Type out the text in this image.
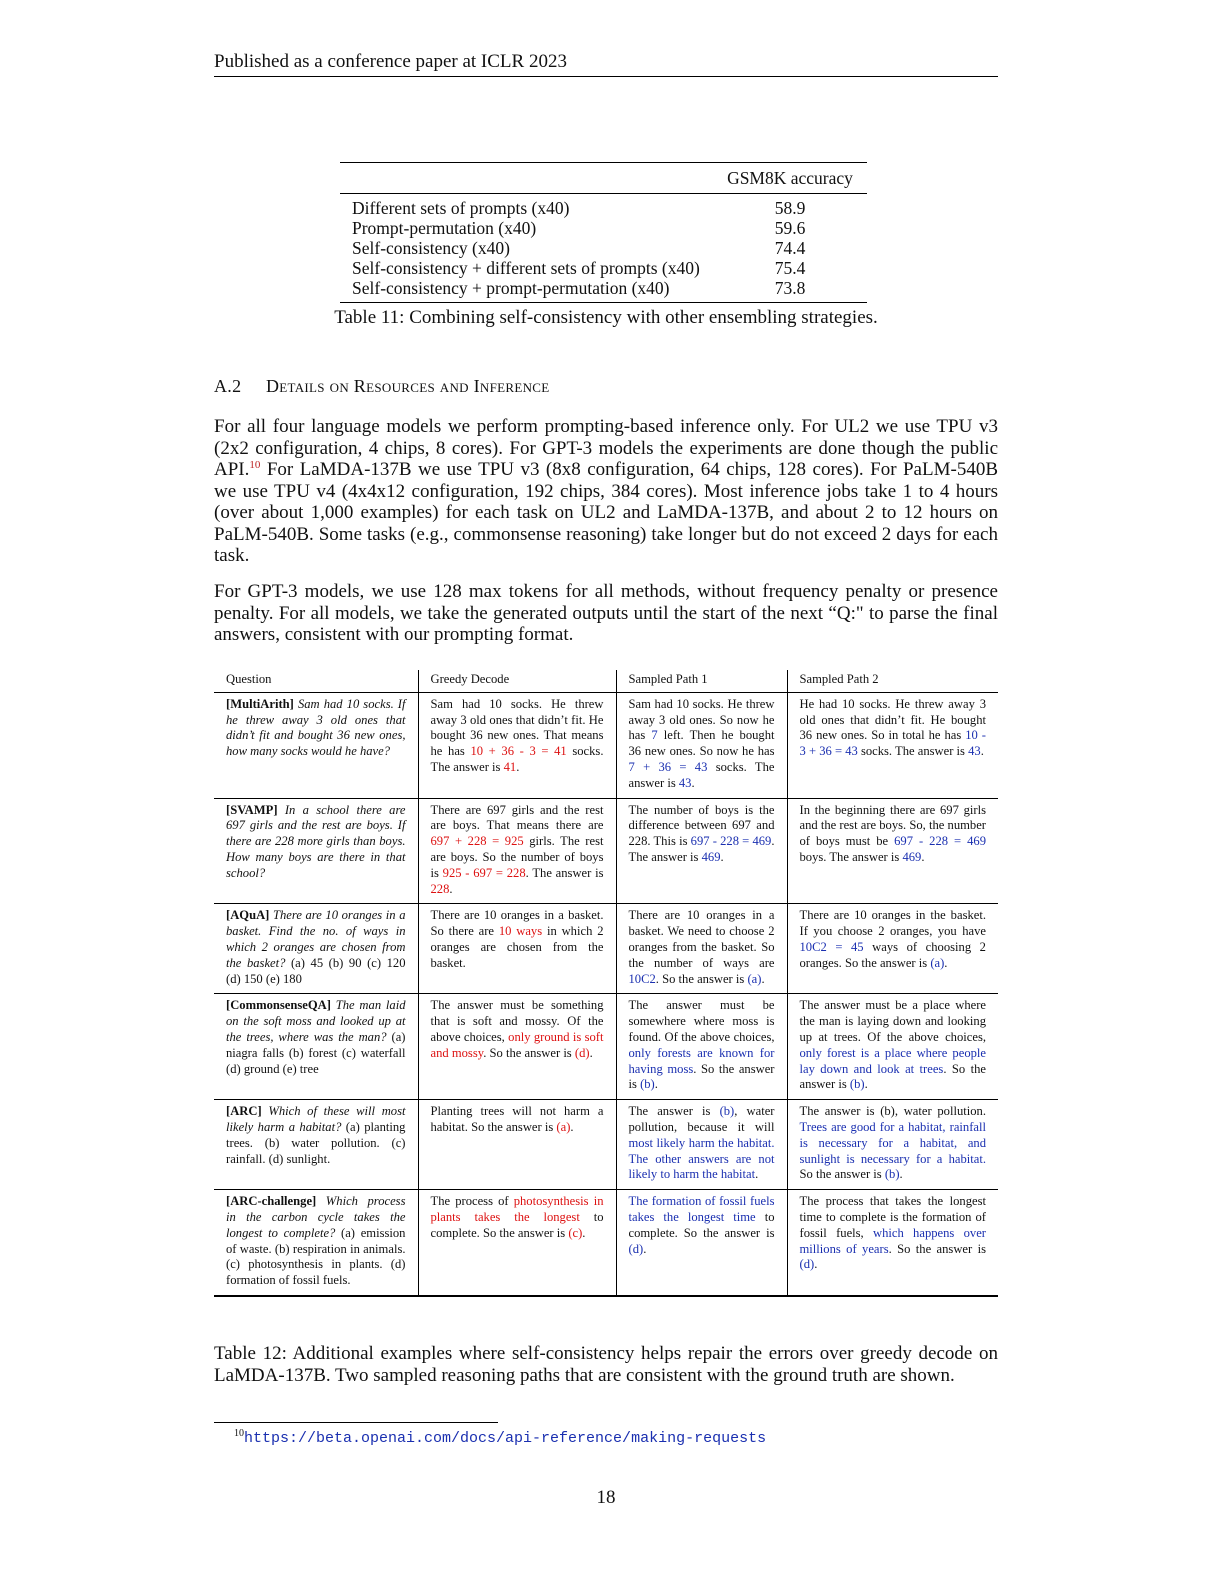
Published as a conference paper at ICLR 2023
	GSM8K accuracy
Different sets of prompts (x40)	58.9
Prompt-permutation (x40)	59.6
Self-consistency (x40)	74.4
Self-consistency + different sets of prompts (x40)	75.4
Self-consistency + prompt-permutation (x40)	73.8
Table 11: Combining self-consistency with other ensembling strategies.
A.2 Details on Resources and Inference

For all four language models we perform prompting-based inference only. For UL2 we use TPU v3 (2x2 configuration, 4 chips, 8 cores). For GPT-3 models the experiments are done though the public API.$^{10}$ For LaMDA-137B we use TPU v3 (8x8 configuration, 64 chips, 128 cores). For PaLM-540B we use TPU v4 (4x4x12 configuration, 192 chips, 384 cores). Most inference jobs take 1 to 4 hours (over about 1,000 examples) for each task on UL2 and LaMDA-137B, and about 2 to 12 hours on PaLM-540B. Some tasks (e.g., commonsense reasoning) take longer but do not exceed 2 days for each task.

For GPT-3 models, we use 128 max tokens for all methods, without frequency penalty or presence penalty. For all models, we take the generated outputs until the start of the next “Q:" to parse the final answers, consistent with our prompting format.

Question	Greedy Decode	Sampled Path 1	Sampled Path 2
[MultiArith] Sam had 10 socks. If he threw away 3 old ones that didn’t fit and bought 36 new ones, how many socks would he have?	Sam had 10 socks. He threw away 3 old ones that didn’t fit. He bought 36 new ones. That means he has 10 + 36 - 3 = 41 socks. The answer is 41.	Sam had 10 socks. He threw away 3 old ones. So now he has 7 left. Then he bought 36 new ones. So now he has 7 + 36 = 43 socks. The answer is 43.	He had 10 socks. He threw away 3 old ones that didn’t fit. He bought 36 new ones. So in total he has 10 - 3 + 36 = 43 socks. The answer is 43.
[SVAMP] In a school there are 697 girls and the rest are boys. If there are 228 more girls than boys. How many boys are there in that school?	There are 697 girls and the rest are boys. That means there are 697 + 228 = 925 girls. The rest are boys. So the number of boys is 925 - 697 = 228. The answer is 228.	The number of boys is the difference between 697 and 228. This is 697 - 228 = 469. The answer is 469.	In the beginning there are 697 girls and the rest are boys. So, the number of boys must be 697 - 228 = 469 boys. The answer is 469.
[AQuA] There are 10 oranges in a basket. Find the no. of ways in which 2 oranges are chosen from the basket? (a) 45 (b) 90 (c) 120 (d) 150 (e) 180	There are 10 oranges in a basket. So there are 10 ways in which 2 oranges are chosen from the basket.	There are 10 oranges in a basket. We need to choose 2 oranges from the basket. So the number of ways are 10C2. So the answer is (a).	There are 10 oranges in the basket. If you choose 2 oranges, you have 10C2 = 45 ways of choosing 2 oranges. So the answer is (a).
[CommonsenseQA] The man laid on the soft moss and looked up at the trees, where was the man? (a) niagra falls (b) forest (c) waterfall (d) ground (e) tree	The answer must be something that is soft and mossy. Of the above choices, only ground is soft and mossy. So the answer is (d).	The answer must be somewhere where moss is found. Of the above choices, only forests are known for having moss. So the answer is (b).	The answer must be a place where the man is laying down and looking up at trees. Of the above choices, only forest is a place where people lay down and look at trees. So the answer is (b).
[ARC] Which of these will most likely harm a habitat? (a) planting trees. (b) water pollution. (c) rainfall. (d) sunlight.	Planting trees will not harm a habitat. So the answer is (a).	The answer is (b), water pollution, because it will most likely harm the habitat. The other answers are not likely to harm the habitat.	The answer is (b), water pollution. Trees are good for a habitat, rainfall is necessary for a habitat, and sunlight is necessary for a habitat. So the answer is (b).
[ARC-challenge] Which process in the carbon cycle takes the longest to complete? (a) emission of waste. (b) respiration in animals. (c) photosynthesis in plants. (d) formation of fossil fuels.	The process of photosynthesis in plants takes the longest to complete. So the answer is (c).	The formation of fossil fuels takes the longest time to complete. So the answer is (d).	The process that takes the longest time to complete is the formation of fossil fuels, which happens over millions of years. So the answer is (d).
Table 12: Additional examples where self-consistency helps repair the errors over greedy decode on LaMDA-137B. Two sampled reasoning paths that are consistent with the ground truth are shown.
$^{10}$https://beta.openai.com/docs/api-reference/making-requests
18
